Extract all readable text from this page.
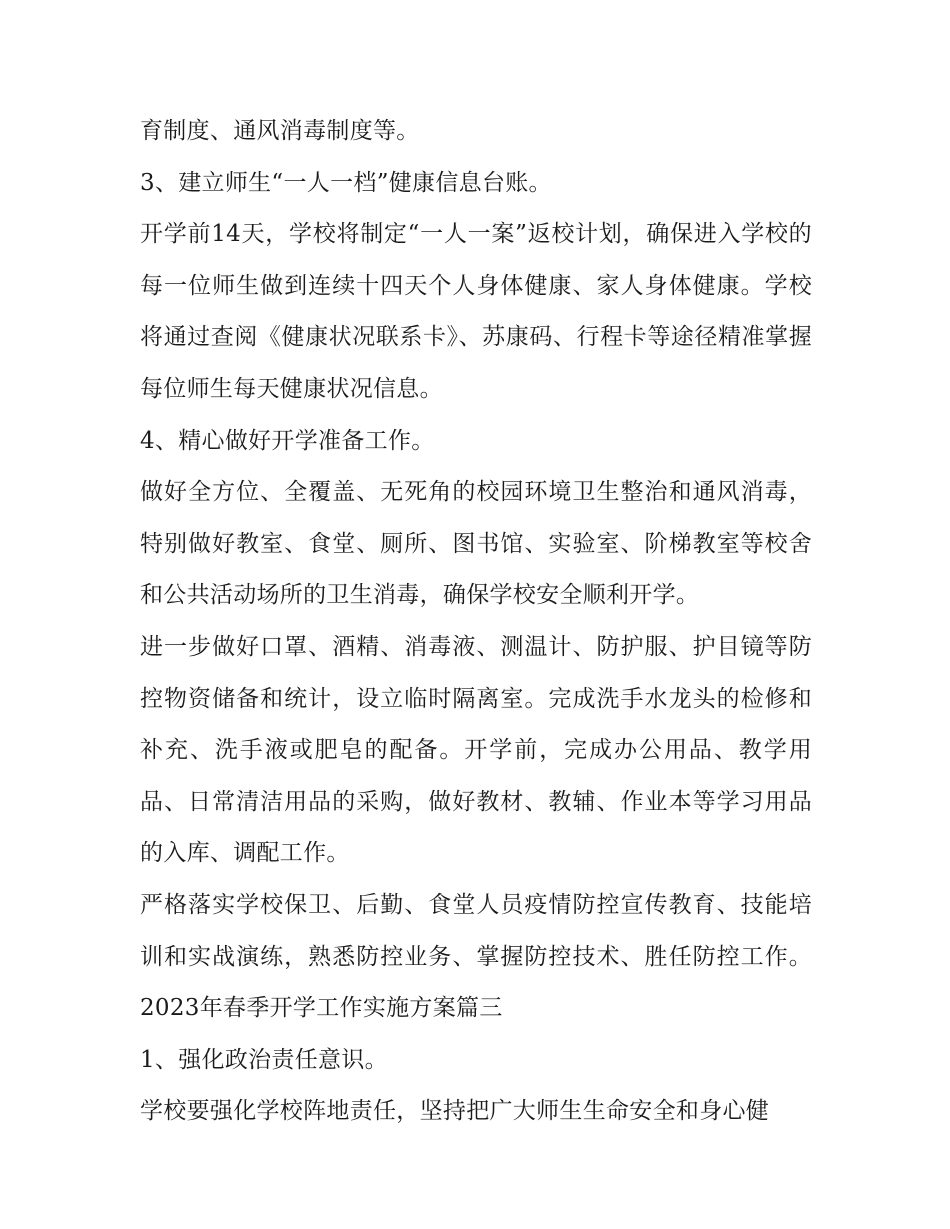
育制度、通风消毒制度等。

3、建立师生“一人一档”健康信息台账。

开学前14天，学校将制定“一人一案”返校计划，确保进入学校的每一位师生做到连续十四天个人身体健康、家人身体健康。学校将通过查阅《健康状况联系卡》、苏康码、行程卡等途径精准掌握每位师生每天健康状况信息。

4、精心做好开学准备工作。

做好全方位、全覆盖、无死角的校园环境卫生整治和通风消毒，特别做好教室、食堂、厕所、图书馆、实验室、阶梯教室等校舍和公共活动场所的卫生消毒，确保学校安全顺利开学。

进一步做好口罩、酒精、消毒液、测温计、防护服、护目镜等防控物资储备和统计，设立临时隔离室。完成洗手水龙头的检修和补充、洗手液或肥皂的配备。开学前，完成办公用品、教学用品、日常清洁用品的采购，做好教材、教辅、作业本等学习用品的入库、调配工作。

严格落实学校保卫、后勤、食堂人员疫情防控宣传教育、技能培训和实战演练，熟悉防控业务、掌握防控技术、胜任防控工作。 2023年春季开学工作实施方案篇三

1、强化政治责任意识。

学校要强化学校阵地责任，坚持把广大师生生命安全和身心健
